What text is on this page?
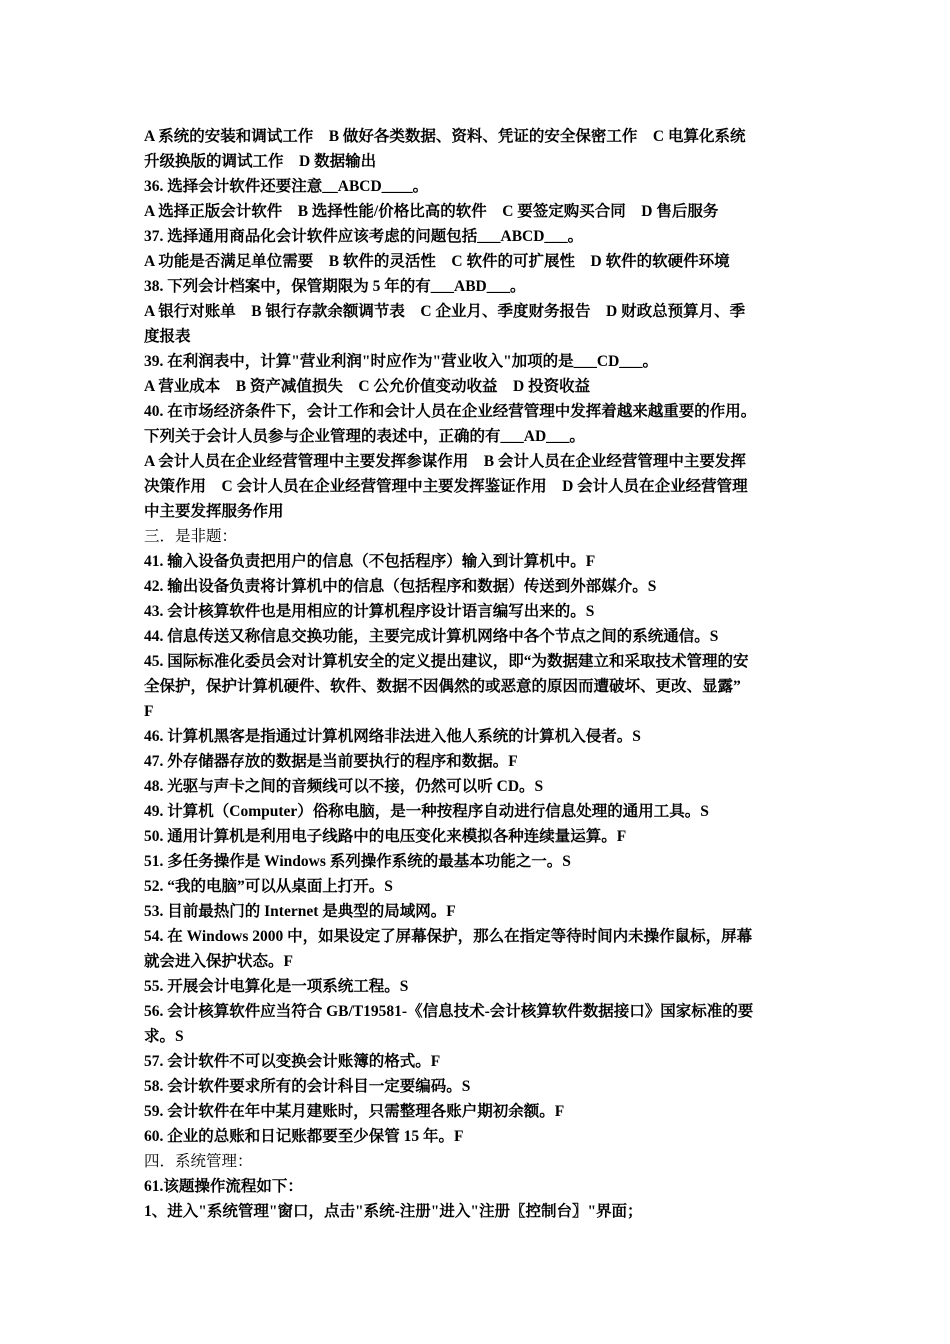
A 系统的安装和调试工作　B 做好各类数据、资料、凭证的安全保密工作　C 电算化系统
升级换版的调试工作　D 数据输出
36. 选择会计软件还要注意__ABCD____。
A 选择正版会计软件　B 选择性能/价格比高的软件　C 要签定购买合同　D 售后服务
37. 选择通用商品化会计软件应该考虑的问题包括___ABCD___。
A 功能是否满足单位需要　B 软件的灵活性　C 软件的可扩展性　D 软件的软硬件环境
38. 下列会计档案中，保管期限为 5 年的有___ABD___。
A 银行对账单　B 银行存款余额调节表　C 企业月、季度财务报告　D 财政总预算月、季
度报表
39. 在利润表中，计算"营业利润"时应作为"营业收入"加项的是___CD___。
A 营业成本　B 资产减值损失　C 公允价值变动收益　D 投资收益
40. 在市场经济条件下，会计工作和会计人员在企业经营管理中发挥着越来越重要的作用。
下列关于会计人员参与企业管理的表述中，正确的有___AD___。
A 会计人员在企业经营管理中主要发挥参谋作用　B 会计人员在企业经营管理中主要发挥
决策作用　C 会计人员在企业经营管理中主要发挥鉴证作用　D 会计人员在企业经营管理
中主要发挥服务作用
三．是非题：
41. 输入设备负责把用户的信息（不包括程序）输入到计算机中。F
42. 输出设备负责将计算机中的信息（包括程序和数据）传送到外部媒介。S
43. 会计核算软件也是用相应的计算机程序设计语言编写出来的。S
44. 信息传送又称信息交换功能，主要完成计算机网络中各个节点之间的系统通信。S
45. 国际标准化委员会对计算机安全的定义提出建议，即“为数据建立和采取技术管理的安
全保护，保护计算机硬件、软件、数据不因偶然的或恶意的原因而遭破坏、更改、显露”
F
46. 计算机黑客是指通过计算机网络非法进入他人系统的计算机入侵者。S
47. 外存储器存放的数据是当前要执行的程序和数据。F
48. 光驱与声卡之间的音频线可以不接，仍然可以听 CD。S
49. 计算机（Computer）俗称电脑，是一种按程序自动进行信息处理的通用工具。S
50. 通用计算机是利用电子线路中的电压变化来模拟各种连续量运算。F
51. 多任务操作是 Windows 系列操作系统的最基本功能之一。S
52. “我的电脑”可以从桌面上打开。S
53. 目前最热门的 Internet 是典型的局域网。F
54. 在 Windows 2000 中，如果设定了屏幕保护，那么在指定等待时间内未操作鼠标，屏幕
就会进入保护状态。F
55. 开展会计电算化是一项系统工程。S
56. 会计核算软件应当符合 GB/T19581-《信息技术-会计核算软件数据接口》国家标准的要
求。S
57. 会计软件不可以变换会计账簿的格式。F
58. 会计软件要求所有的会计科目一定要编码。S
59. 会计软件在年中某月建账时，只需整理各账户期初余额。F
60. 企业的总账和日记账都要至少保管 15 年。F
四．系统管理：
61.该题操作流程如下：
1、进入"系统管理"窗口，点击"系统-注册"进入"注册〖控制台〗"界面；
